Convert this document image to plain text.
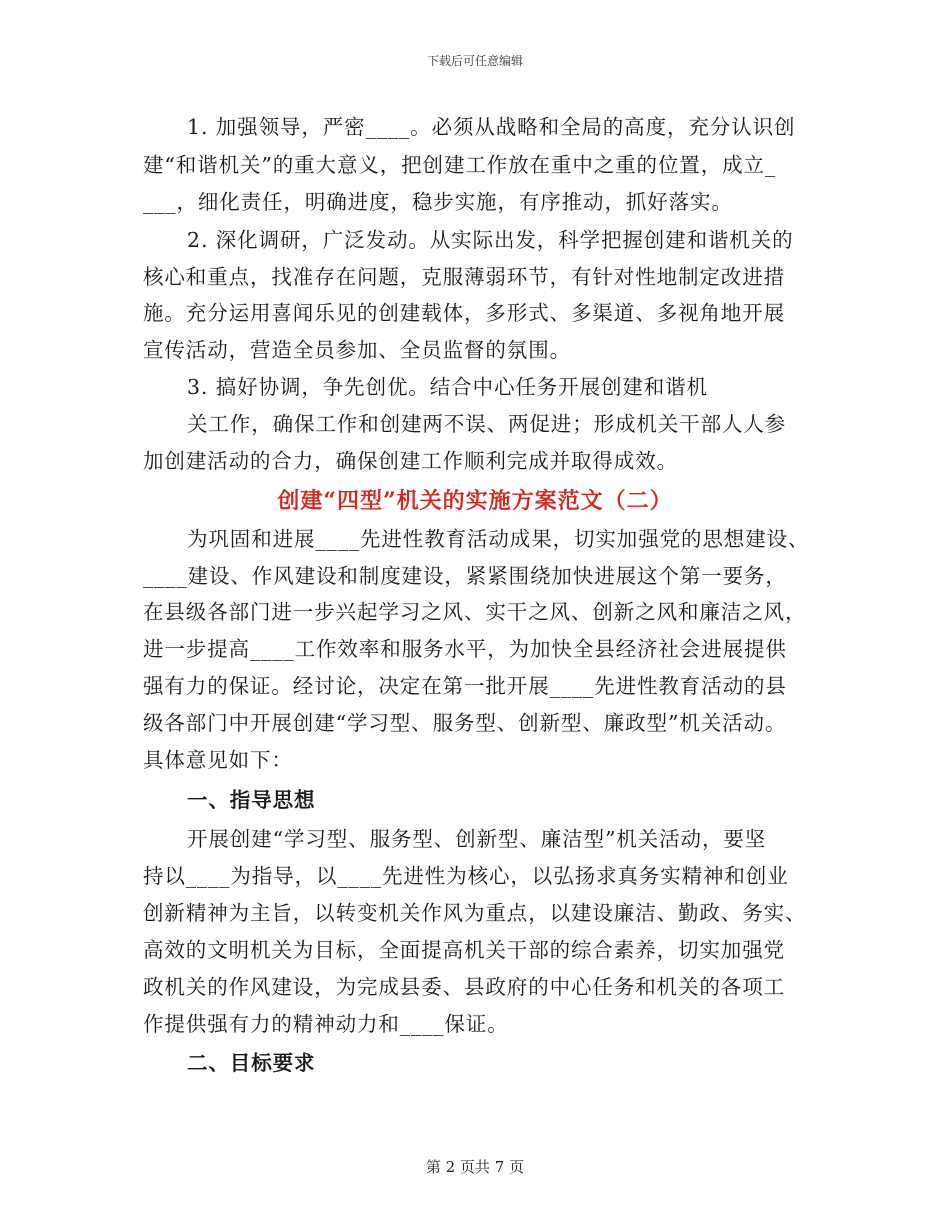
下载后可任意编辑
1. 加强领导，严密____。必须从战略和全局的高度，充分认识创
建“和谐机关”的重大意义，把创建工作放在重中之重的位置，成立_
___，细化责任，明确进度，稳步实施，有序推动，抓好落实。
2. 深化调研，广泛发动。从实际出发，科学把握创建和谐机关的
核心和重点，找准存在问题，克服薄弱环节，有针对性地制定改进措
施。充分运用喜闻乐见的创建载体，多形式、多渠道、多视角地开展
宣传活动，营造全员参加、全员监督的氛围。
3. 搞好协调，争先创优。结合中心任务开展创建和谐机
关工作，确保工作和创建两不误、两促进；形成机关干部人人参
加创建活动的合力，确保创建工作顺利完成并取得成效。
创建“四型”机关的实施方案范文（二）
为巩固和进展____先进性教育活动成果，切实加强党的思想建设、
____建设、作风建设和制度建设，紧紧围绕加快进展这个第一要务，
在县级各部门进一步兴起学习之风、实干之风、创新之风和廉洁之风，
进一步提高____工作效率和服务水平，为加快全县经济社会进展提供
强有力的保证。经讨论，决定在第一批开展____先进性教育活动的县
级各部门中开展创建“学习型、服务型、创新型、廉政型”机关活动。
具体意见如下：
一、指导思想
开展创建“学习型、服务型、创新型、廉洁型”机关活动，要坚
持以____为指导，以____先进性为核心，以弘扬求真务实精神和创业
创新精神为主旨，以转变机关作风为重点，以建设廉洁、勤政、务实、
高效的文明机关为目标，全面提高机关干部的综合素养，切实加强党
政机关的作风建设，为完成县委、县政府的中心任务和机关的各项工
作提供强有力的精神动力和____保证。
二、目标要求
第 2 页共 7 页
